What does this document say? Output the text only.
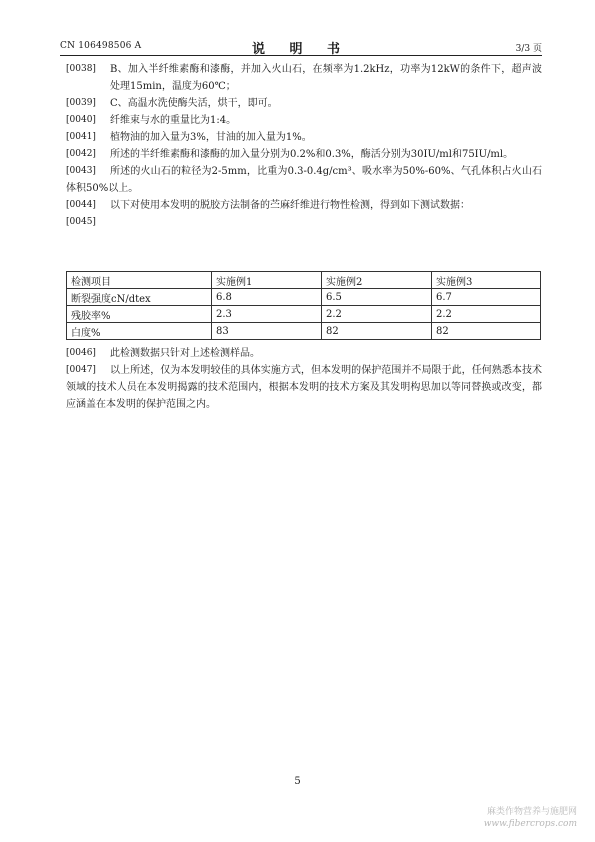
CN 106498506 A	说 明 书	3/3 页
[0038]	B、加入半纤维素酶和漆酶，并加入火山石，在频率为1.2kHz，功率为12kW的条件下，超声波处理15min，温度为60℃；
[0039]	C、高温水洗使酶失活，烘干，即可。
[0040]	纤维束与水的重量比为1:4。
[0041]	植物油的加入量为3%，甘油的加入量为1%。
[0042]	所述的半纤维素酶和漆酶的加入量分别为0.2%和0.3%，酶活分别为30IU/ml和75IU/ml。
[0043]	所述的火山石的粒径为2-5mm，比重为0.3-0.4g/cm³、吸水率为50%-60%、气孔体积占火山石体积50%以上。
[0044]	以下对使用本发明的脱胶方法制备的苎麻纤维进行物性检测，得到如下测试数据：
[0045]
检测项目	实施例1	实施例2	实施例3
断裂强度cN/dtex	6.8	6.5	6.7
残胶率%	2.3	2.2	2.2
白度%	83	82	82
[0046]	此检测数据只针对上述检测样品。
[0047]	以上所述，仅为本发明较佳的具体实施方式，但本发明的保护范围并不局限于此，任何熟悉本技术领域的技术人员在本发明揭露的技术范围内，根据本发明的技术方案及其发明构思加以等同替换或改变，都应涵盖在本发明的保护范围之内。
5
麻类作物营养与施肥网
www.fibercrops.com
